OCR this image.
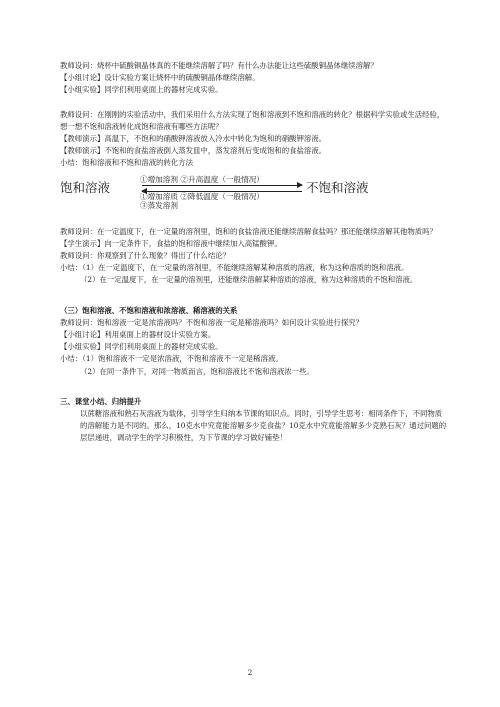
教师设问：烧杯中硫酸铜晶体真的不能继续溶解了吗？有什么办法能让这些硫酸铜晶体继续溶解？

【小组讨论】设计实验方案让烧杯中的硫酸铜晶体继续溶解。

【小组实验】同学们利用桌面上的器材完成实验。

教师设问：在刚刚的实验活动中，我们采用什么方法实现了饱和溶液到不饱和溶液的转化？根据科学实验或生活经验，想一想不饱和溶液转化成饱和溶液有哪些方法呢？

【教师演示】高温下，不饱和的硝酸钾溶液放入冷水中转化为饱和的硝酸钾溶液。

【教师演示】不饱和的食盐溶液倒入蒸发皿中，蒸发溶剂后变成饱和的食盐溶液。

小结：饱和溶液和不饱和溶液的转化方法

饱和溶液
①增加溶剂 ②升高温度（一般情况）
①增加溶质 ②降低温度（一般情况）
③蒸发溶剂
不饱和溶液

教师设问：在一定温度下，在一定量的溶剂里，饱和的食盐溶液还能继续溶解食盐吗？那还能继续溶解其他物质吗？

【学生演示】向一定条件下，食盐的饱和溶液中继续加入高锰酸钾。

教师设问：你观察到了什么现象？得出了什么结论？

小结：（1）在一定温度下，在一定量的溶剂里，不能继续溶解某种溶质的溶液，称为这种溶质的饱和溶液。

（2）在一定温度下，在一定量的溶剂里，还能继续溶解某种溶质的溶液，称为这种溶质的不饱和溶液。

（三）饱和溶液、不饱和溶液和浓溶液、稀溶液的关系

教师设问：饱和溶液一定是浓溶液吗？不饱和溶液一定是稀溶液吗？如何设计实验进行探究？

【小组讨论】利用桌面上的器材设计实验方案。

【小组实验】同学们利用桌面上的器材完成实验。

小结：（1）饱和溶液不一定是浓溶液，不饱和溶液不一定是稀溶液。

（2）在同一条件下，对同一物质而言，饱和溶液比不饱和溶液浓一些。

三、课堂小结、归纳提升

以蔗糖溶液和熟石灰溶液为载体，引导学生归纳本节课的知识点。同时，引导学生思考：相同条件下，不同物质的溶解能力是不同的。那么，10克水中究竟能溶解多少克食盐？10克水中究竟能溶解多少克熟石灰？通过问题的层层递进，调动学生的学习积极性，为下节课的学习做好铺垫！

2
